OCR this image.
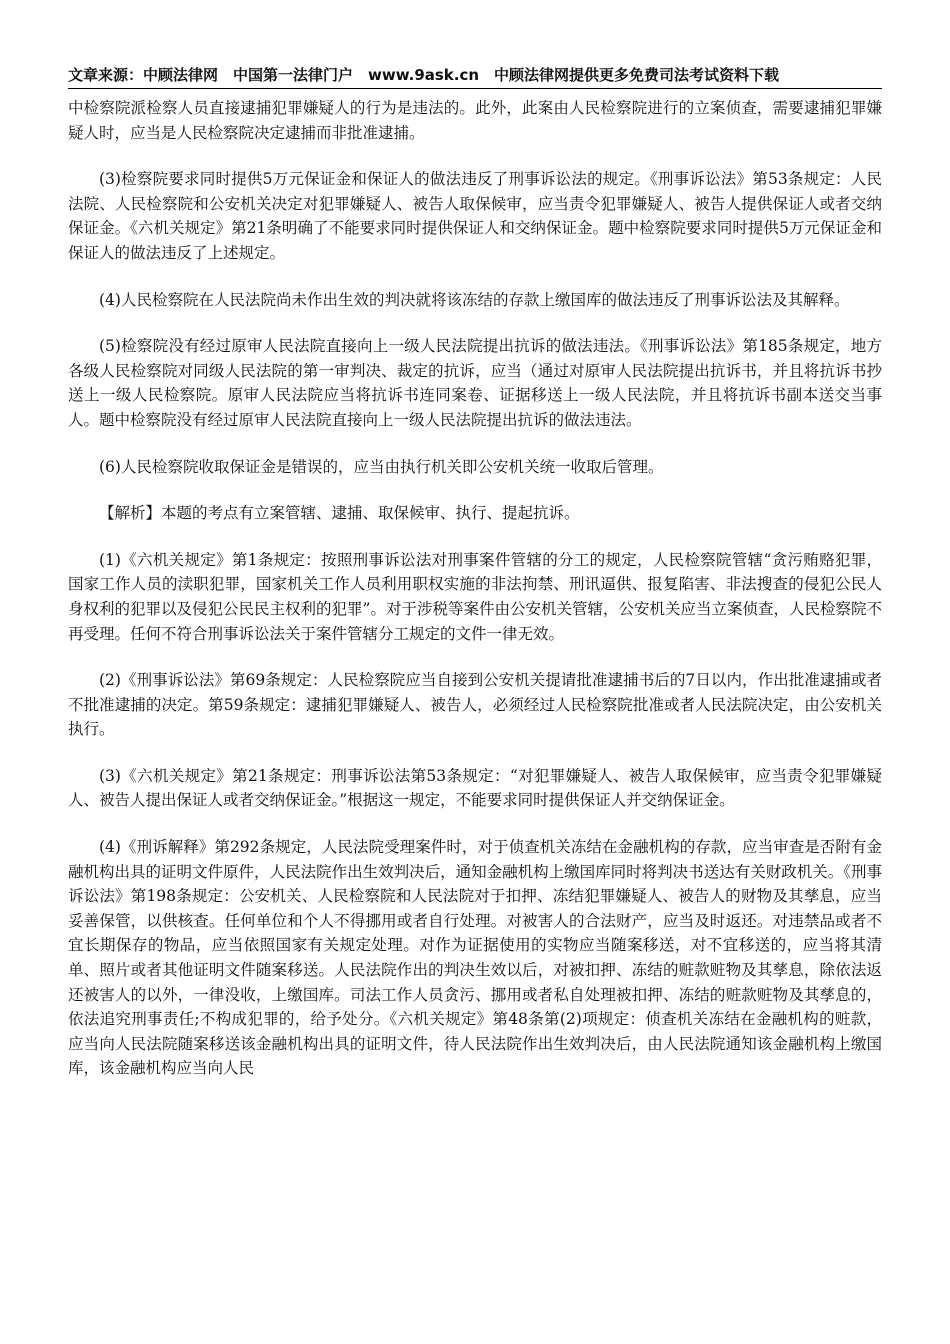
文章来源：中顾法律网　中国第一法律门户　www.9ask.cn　中顾法律网提供更多免费司法考试资料下载

中检察院派检察人员直接逮捕犯罪嫌疑人的行为是违法的。此外，此案由人民检察院进行的立案侦查，需要逮捕犯罪嫌疑人时，应当是人民检察院决定逮捕而非批准逮捕。

(3)检察院要求同时提供5万元保证金和保证人的做法违反了刑事诉讼法的规定。《刑事诉讼法》第53条规定：人民法院、人民检察院和公安机关决定对犯罪嫌疑人、被告人取保候审，应当责令犯罪嫌疑人、被告人提供保证人或者交纳保证金。《六机关规定》第21条明确了不能要求同时提供保证人和交纳保证金。题中检察院要求同时提供5万元保证金和保证人的做法违反了上述规定。

(4)人民检察院在人民法院尚未作出生效的判决就将该冻结的存款上缴国库的做法违反了刑事诉讼法及其解释。

(5)检察院没有经过原审人民法院直接向上一级人民法院提出抗诉的做法违法。《刑事诉讼法》第185条规定，地方各级人民检察院对同级人民法院的第一审判决、裁定的抗诉，应当（通过对原审人民法院提出抗诉书，并且将抗诉书抄送上一级人民检察院。原审人民法院应当将抗诉书连同案卷、证据移送上一级人民法院，并且将抗诉书副本送交当事人。题中检察院没有经过原审人民法院直接向上一级人民法院提出抗诉的做法违法。

(6)人民检察院收取保证金是错误的，应当由执行机关即公安机关统一收取后管理。

【解析】本题的考点有立案管辖、逮捕、取保候审、执行、提起抗诉。

(1)《六机关规定》第1条规定：按照刑事诉讼法对刑事案件管辖的分工的规定，人民检察院管辖“贪污贿赂犯罪，国家工作人员的渎职犯罪，国家机关工作人员利用职权实施的非法拘禁、刑讯逼供、报复陷害、非法搜查的侵犯公民人身权利的犯罪以及侵犯公民民主权利的犯罪”。对于涉税等案件由公安机关管辖，公安机关应当立案侦查，人民检察院不再受理。任何不符合刑事诉讼法关于案件管辖分工规定的文件一律无效。

(2)《刑事诉讼法》第69条规定：人民检察院应当自接到公安机关提请批准逮捕书后的7日以内，作出批准逮捕或者不批准逮捕的决定。第59条规定：逮捕犯罪嫌疑人、被告人，必须经过人民检察院批准或者人民法院决定，由公安机关执行。

(3)《六机关规定》第21条规定：刑事诉讼法第53条规定：“对犯罪嫌疑人、被告人取保候审，应当责令犯罪嫌疑人、被告人提出保证人或者交纳保证金。”根据这一规定，不能要求同时提供保证人并交纳保证金。

(4)《刑诉解释》第292条规定，人民法院受理案件时，对于侦查机关冻结在金融机构的存款，应当审查是否附有金融机构出具的证明文件原件，人民法院作出生效判决后，通知金融机构上缴国库同时将判决书送达有关财政机关。《刑事诉讼法》第198条规定：公安机关、人民检察院和人民法院对于扣押、冻结犯罪嫌疑人、被告人的财物及其孳息，应当妥善保管，以供核查。任何单位和个人不得挪用或者自行处理。对被害人的合法财产，应当及时返还。对违禁品或者不宜长期保存的物品，应当依照国家有关规定处理。对作为证据使用的实物应当随案移送，对不宜移送的，应当将其清单、照片或者其他证明文件随案移送。人民法院作出的判决生效以后，对被扣押、冻结的赃款赃物及其孳息，除依法返还被害人的以外，一律没收，上缴国库。司法工作人员贪污、挪用或者私自处理被扣押、冻结的赃款赃物及其孳息的，依法追究刑事责任;不构成犯罪的，给予处分。《六机关规定》第48条第(2)项规定：侦查机关冻结在金融机构的赃款，应当向人民法院随案移送该金融机构出具的证明文件，待人民法院作出生效判决后，由人民法院通知该金融机构上缴国库，该金融机构应当向人民
